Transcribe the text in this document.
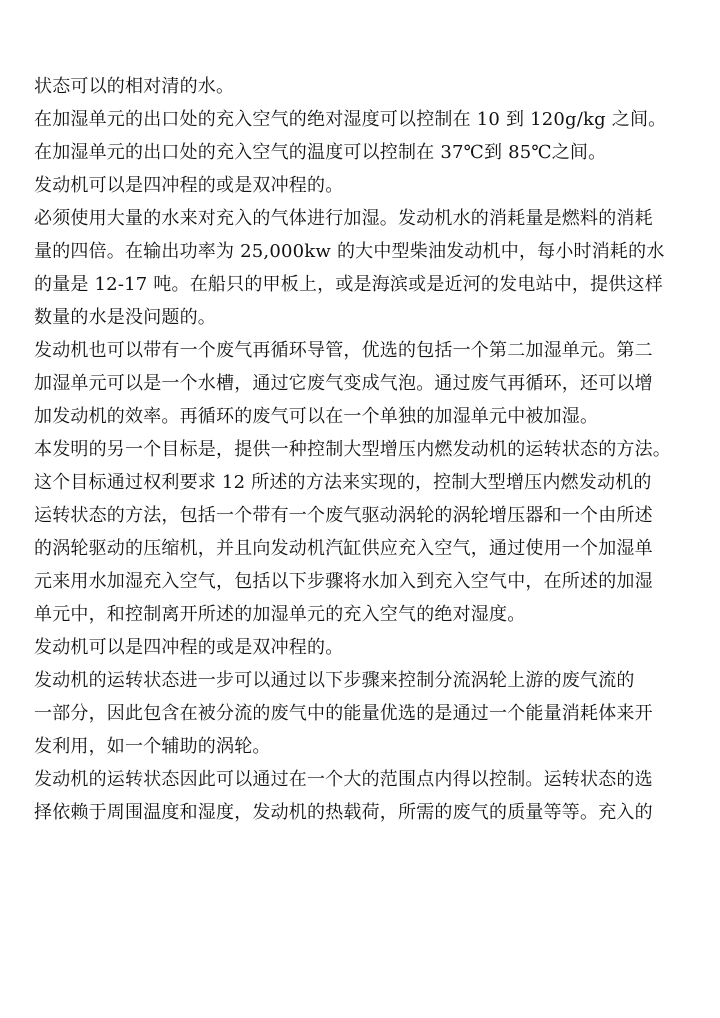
状态可以的相对清的水。
在加湿单元的出口处的充入空气的绝对湿度可以控制在 10 到 120g/kg 之间。
在加湿单元的出口处的充入空气的温度可以控制在 37℃到 85℃之间。
发动机可以是四冲程的或是双冲程的。
必须使用大量的水来对充入的气体进行加湿。发动机水的消耗量是燃料的消耗
量的四倍。在输出功率为 25,000kw 的大中型柴油发动机中，每小时消耗的水
的量是 12-17 吨。在船只的甲板上，或是海滨或是近河的发电站中，提供这样
数量的水是没问题的。
发动机也可以带有一个废气再循环导管，优选的包括一个第二加湿单元。第二
加湿单元可以是一个水槽，通过它废气变成气泡。通过废气再循环，还可以增
加发动机的效率。再循环的废气可以在一个单独的加湿单元中被加湿。
本发明的另一个目标是，提供一种控制大型增压内燃发动机的运转状态的方法。
这个目标通过权利要求 12 所述的方法来实现的，控制大型增压内燃发动机的
运转状态的方法，包括一个带有一个废气驱动涡轮的涡轮增压器和一个由所述
的涡轮驱动的压缩机，并且向发动机汽缸供应充入空气，通过使用一个加湿单
元来用水加湿充入空气，包括以下步骤将水加入到充入空气中，在所述的加湿
单元中，和控制离开所述的加湿单元的充入空气的绝对湿度。
发动机可以是四冲程的或是双冲程的。
发动机的运转状态进一步可以通过以下步骤来控制分流涡轮上游的废气流的
一部分，因此包含在被分流的废气中的能量优选的是通过一个能量消耗体来开
发利用，如一个辅助的涡轮。
发动机的运转状态因此可以通过在一个大的范围点内得以控制。运转状态的选
择依赖于周围温度和湿度，发动机的热载荷，所需的废气的质量等等。充入的
